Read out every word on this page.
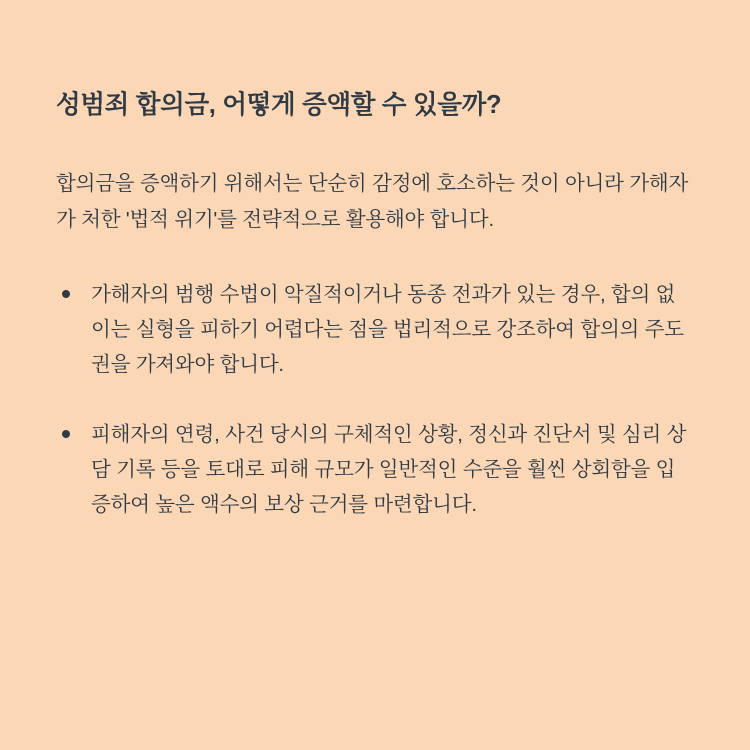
성범죄 합의금, 어떻게 증액할 수 있을까?

합의금을 증액하기 위해서는 단순히 감정에 호소하는 것이 아니라 가해자가 처한 '법적 위기'를 전략적으로 활용해야 합니다.

가해자의 범행 수법이 악질적이거나 동종 전과가 있는 경우, 합의 없이는 실형을 피하기 어렵다는 점을 법리적으로 강조하여 합의의 주도권을 가져와야 합니다.
피해자의 연령, 사건 당시의 구체적인 상황, 정신과 진단서 및 심리 상담 기록 등을 토대로 피해 규모가 일반적인 수준을 훨씬 상회함을 입증하여 높은 액수의 보상 근거를 마련합니다.
